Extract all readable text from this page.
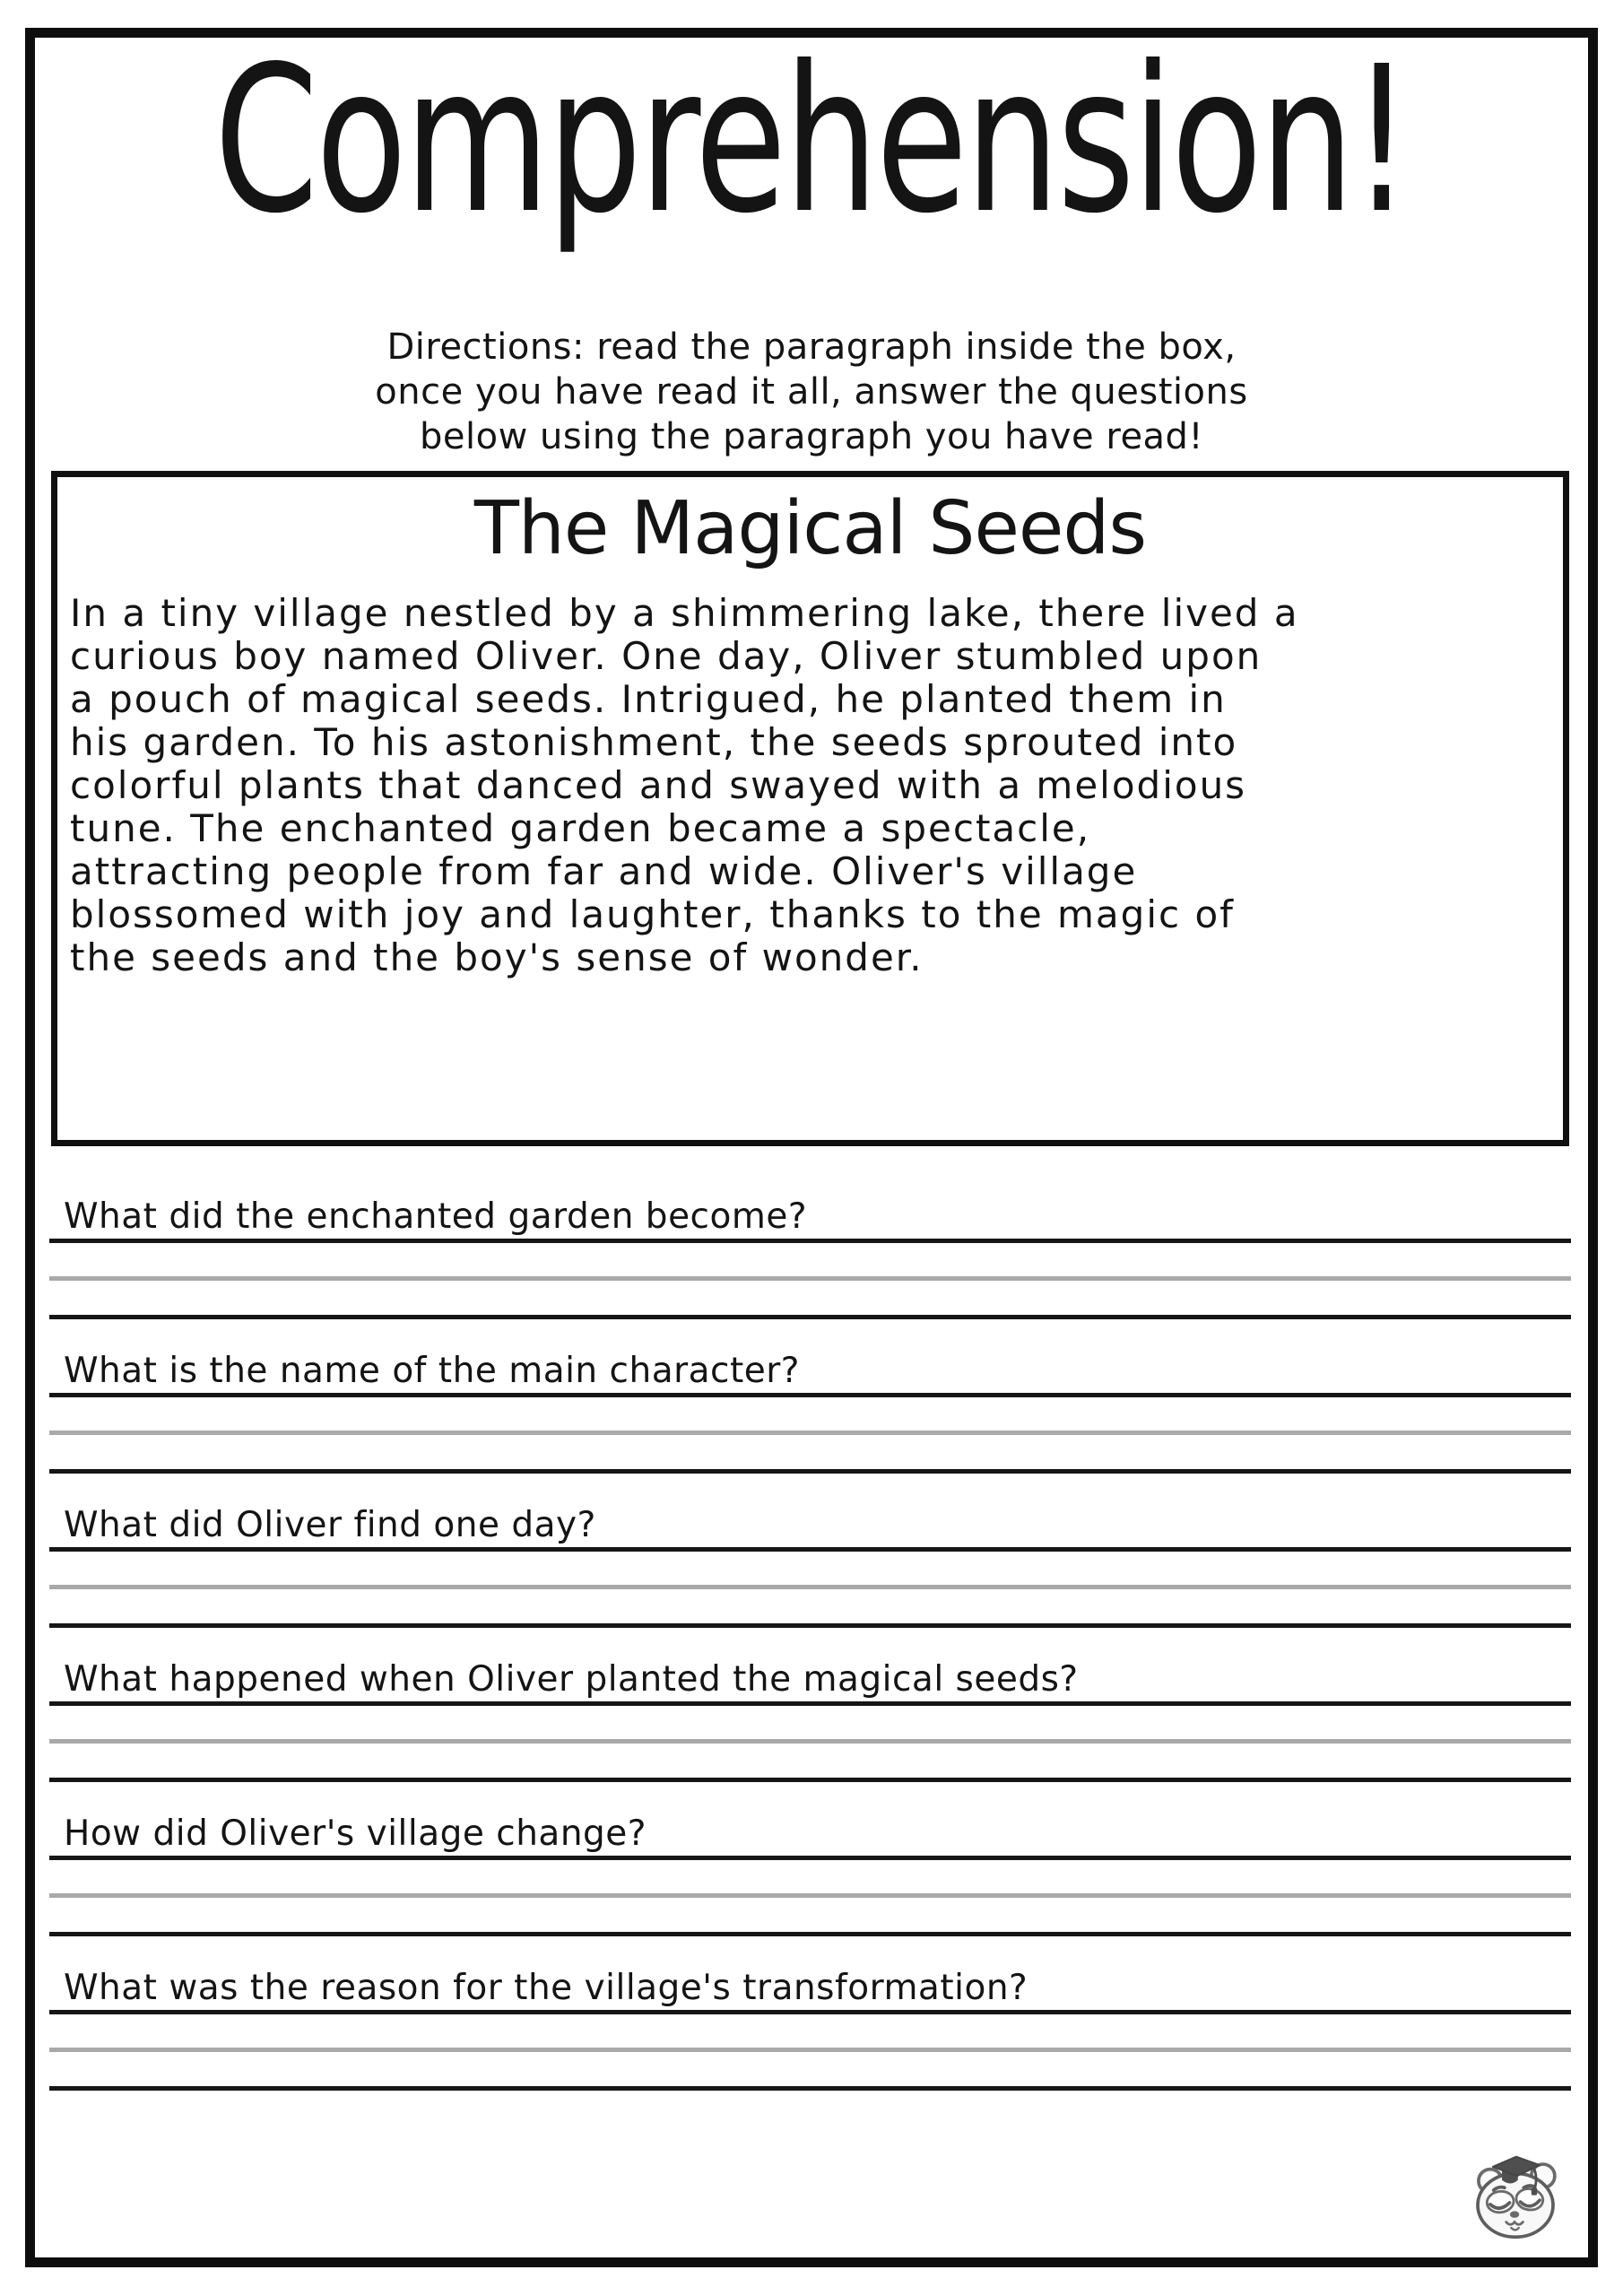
Comprehension!
Directions: read the paragraph inside the box,
once you have read it all, answer the questions
below using the paragraph you have read!
The Magical Seeds
In a tiny village nestled by a shimmering lake, there lived a
curious boy named Oliver. One day, Oliver stumbled upon
a pouch of magical seeds. Intrigued, he planted them in
his garden. To his astonishment, the seeds sprouted into
colorful plants that danced and swayed with a melodious
tune. The enchanted garden became a spectacle,
attracting people from far and wide. Oliver's village
blossomed with joy and laughter, thanks to the magic of
the seeds and the boy's sense of wonder.
What did the enchanted garden become?
What is the name of the main character?
What did Oliver find one day?
What happened when Oliver planted the magical seeds?
How did Oliver's village change?
What was the reason for the village's transformation?
